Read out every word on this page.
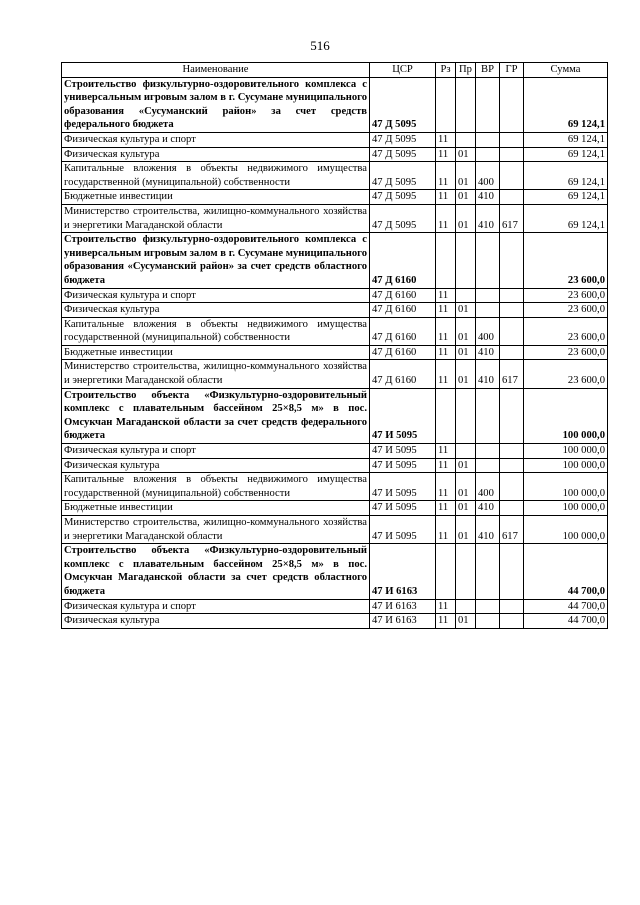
516
Наименование	ЦСР	Рз	Пр	ВР	ГР	Сумма
Строительство физкультурно-оздоровительного комплекса с универсальным игровым залом в г. Сусумане муниципального образования «Сусуманский район» за счет средств федерального бюджета	47 Д 5095					69 124,1
Физическая культура и спорт	47 Д 5095	11				69 124,1
Физическая культура	47 Д 5095	11	01			69 124,1
Капитальные вложения в объекты недвижимого имущества государственной (муниципальной) собственности	47 Д 5095	11	01	400		69 124,1
Бюджетные инвестиции	47 Д 5095	11	01	410		69 124,1
Министерство строительства, жилищно-коммунального хозяйства и энергетики Магаданской области	47 Д 5095	11	01	410	617	69 124,1
Строительство физкультурно-оздоровительного комплекса с универсальным игровым залом в г. Сусумане муниципального образования «Сусуманский район» за счет средств областного бюджета	47 Д 6160					23 600,0
Физическая культура и спорт	47 Д 6160	11				23 600,0
Физическая культура	47 Д 6160	11	01			23 600,0
Капитальные вложения в объекты недвижимого имущества государственной (муниципальной) собственности	47 Д 6160	11	01	400		23 600,0
Бюджетные инвестиции	47 Д 6160	11	01	410		23 600,0
Министерство строительства, жилищно-коммунального хозяйства и энергетики Магаданской области	47 Д 6160	11	01	410	617	23 600,0
Строительство объекта «Физкультурно-оздоровительный комплекс с плавательным бассейном 25×8,5 м» в пос. Омсукчан Магаданской области за счет средств федерального бюджета	47 И 5095					100 000,0
Физическая культура и спорт	47 И 5095	11				100 000,0
Физическая культура	47 И 5095	11	01			100 000,0
Капитальные вложения в объекты недвижимого имущества государственной (муниципальной) собственности	47 И 5095	11	01	400		100 000,0
Бюджетные инвестиции	47 И 5095	11	01	410		100 000,0
Министерство строительства, жилищно-коммунального хозяйства и энергетики Магаданской области	47 И 5095	11	01	410	617	100 000,0
Строительство объекта «Физкультурно-оздоровительный комплекс с плавательным бассейном 25×8,5 м» в пос. Омсукчан Магаданской области за счет средств областного бюджета	47 И 6163					44 700,0
Физическая культура и спорт	47 И 6163	11				44 700,0
Физическая культура	47 И 6163	11	01			44 700,0
